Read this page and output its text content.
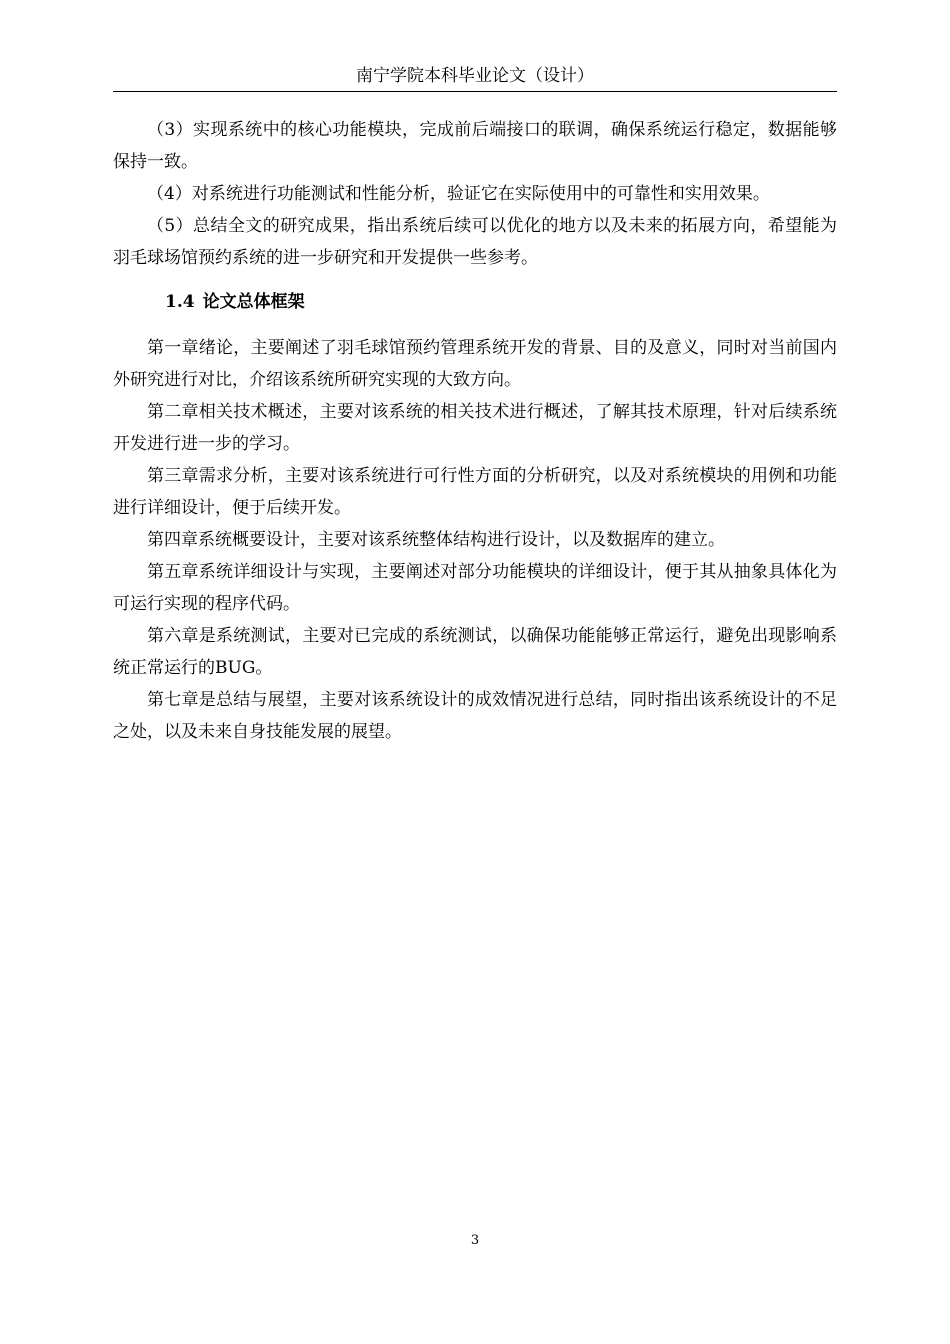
南宁学院本科毕业论文（设计）

（3）实现系统中的核心功能模块，完成前后端接口的联调，确保系统运行稳定，数据能够保持一致。

（4）对系统进行功能测试和性能分析，验证它在实际使用中的可靠性和实用效果。

（5）总结全文的研究成果，指出系统后续可以优化的地方以及未来的拓展方向，希望能为羽毛球场馆预约系统的进一步研究和开发提供一些参考。

1.4 论文总体框架

第一章绪论，主要阐述了羽毛球馆预约管理系统开发的背景、目的及意义，同时对当前国内外研究进行对比，介绍该系统所研究实现的大致方向。

第二章相关技术概述，主要对该系统的相关技术进行概述，了解其技术原理，针对后续系统开发进行进一步的学习。

第三章需求分析，主要对该系统进行可行性方面的分析研究，以及对系统模块的用例和功能进行详细设计，便于后续开发。

第四章系统概要设计，主要对该系统整体结构进行设计，以及数据库的建立。

第五章系统详细设计与实现，主要阐述对部分功能模块的详细设计，便于其从抽象具体化为可运行实现的程序代码。

第六章是系统测试，主要对已完成的系统测试，以确保功能能够正常运行，避免出现影响系统正常运行的BUG。

第七章是总结与展望，主要对该系统设计的成效情况进行总结，同时指出该系统设计的不足之处，以及未来自身技能发展的展望。

3
